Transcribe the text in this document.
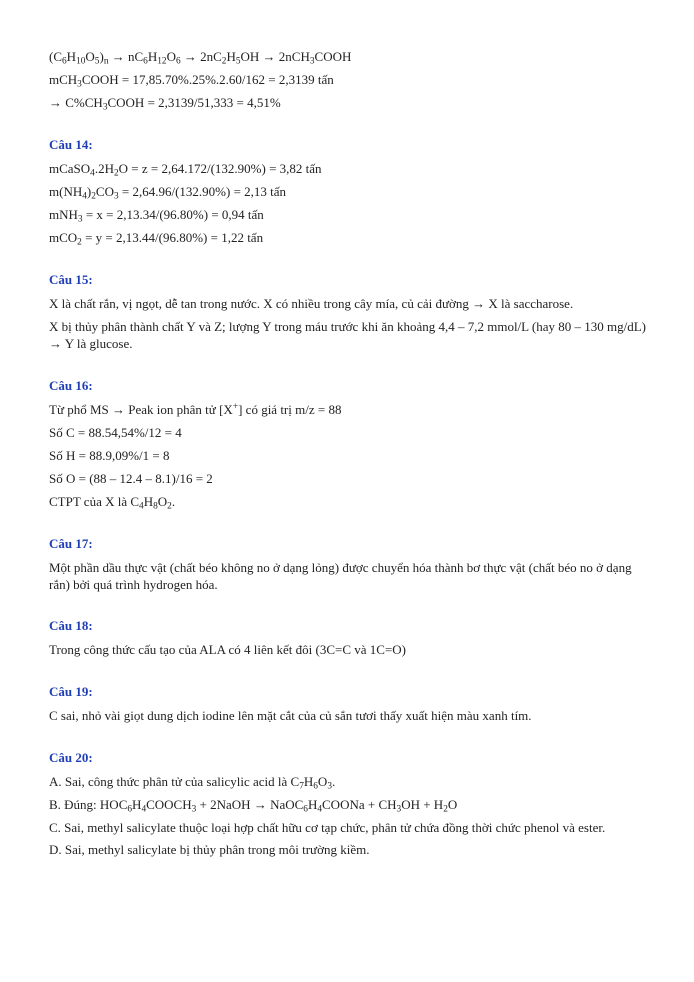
$(C_6H_{10}O_5)_n \to nC_6H_{12}O_6 \to 2nC_2H_5OH$ → 2nCH$_3$COOH
mCH$_3$COOH = 17,85.70%.25%.2.60/162 = 2,3139 tấn
→ $C\%CH_3COOH = 2,3139/51,333 = 4,51\%$
Câu 14:
$mCaSO_4.2H_2O = z = 2,64.172/(132.90\%) = 3,82$ tấn
$m(NH_4)_2CO_3 = 2,64.96/(132.90\%) = 2,13$ tấn
mNH$_3$ = x = 2,13.34/(96.80%) = 0,94 tấn
mCO$_2$ = y = 2,13.44/(96.80%) = 1,22 tấn
Câu 15:
X là chất rắn, vị ngọt, dễ tan trong nước. X có nhiều trong cây mía, củ cải đường → X là saccharose.
X bị thủy phân thành chất Y và Z; lượng Y trong máu trước khi ăn khoảng 4,4 – 7,2 mmol/L (hay 80 – 130 mg/dL) → Y là glucose.
Câu 16:
Từ phổ MS → Peak ion phân tử [X+] có giá trị m/z = 88
Số C = 88.54,54%/12 = 4
Số H = 88.9,09%/1 = 8
Số O = (88 – 12.4 – 8.1)/16 = 2
CTPT của X là $C_4H_8O_2$.
Câu 17:
Một phần dầu thực vật (chất béo không no ở dạng lỏng) được chuyển hóa thành bơ thực vật (chất béo no ở dạng rắn) bởi quá trình hydrogen hóa.
Câu 18:
Trong công thức cấu tạo của ALA có 4 liên kết đôi (3C=C và 1C=O)
Câu 19:
C sai, nhỏ vài giọt dung dịch iodine lên mặt cắt của củ sắn tươi thấy xuất hiện màu xanh tím.
Câu 20:
A. Sai, công thức phân tử của salicylic acid là $C_7H_6O_3$.
B. Đúng: $HOC_6H_4COOCH_3$ + 2NaOH → $NaOC_6H_4COONa + CH_3OH + H_2O$
C. Sai, methyl salicylate thuộc loại hợp chất hữu cơ tạp chức, phân tử chứa đồng thời chức phenol và ester.
D. Sai, methyl salicylate bị thủy phân trong môi trường kiềm.
